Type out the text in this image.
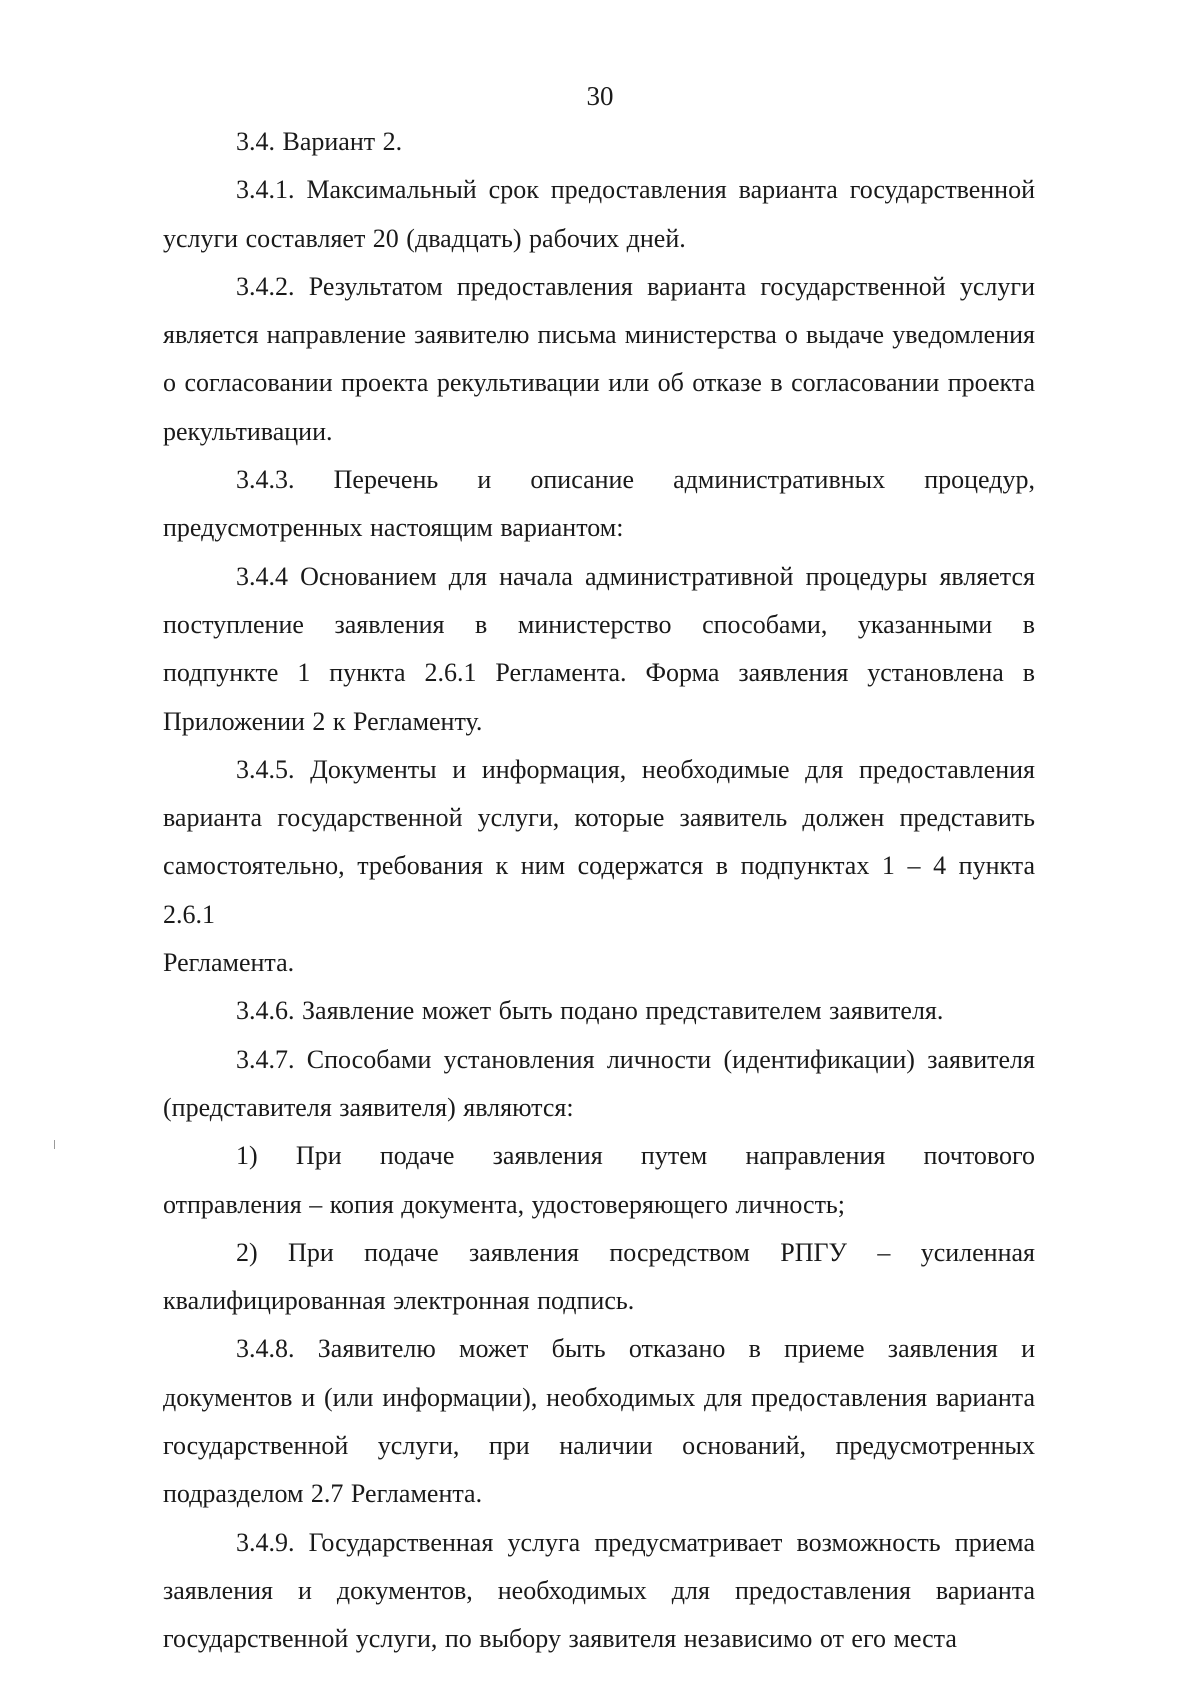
30
3.4. Вариант 2.
3.4.1. Максимальный срок предоставления варианта государственной
услуги составляет 20 (двадцать) рабочих дней.
3.4.2. Результатом предоставления варианта государственной услуги
является направление заявителю письма министерства о выдаче уведомления
о согласовании проекта рекультивации или об отказе в согласовании проекта
рекультивации.
3.4.3. Перечень и описание административных процедур,
предусмотренных настоящим вариантом:
3.4.4 Основанием для начала административной процедуры является
поступление заявления в министерство способами, указанными в
подпункте 1 пункта 2.6.1 Регламента. Форма заявления установлена в
Приложении 2 к Регламенту.
3.4.5. Документы и информация, необходимые для предоставления
варианта государственной услуги, которые заявитель должен представить
самостоятельно, требования к ним содержатся в подпунктах 1 – 4 пункта 2.6.1
Регламента.
3.4.6. Заявление может быть подано представителем заявителя.
3.4.7. Способами установления личности (идентификации) заявителя
(представителя заявителя) являются:
1) При подаче заявления путем направления почтового
отправления – копия документа, удостоверяющего личность;
2) При подаче заявления посредством РПГУ – усиленная
квалифицированная электронная подпись.
3.4.8. Заявителю может быть отказано в приеме заявления и
документов и (или информации), необходимых для предоставления варианта
государственной услуги, при наличии оснований, предусмотренных
подразделом 2.7 Регламента.
3.4.9. Государственная услуга предусматривает возможность приема
заявления и документов, необходимых для предоставления варианта
государственной услуги, по выбору заявителя независимо от его места
